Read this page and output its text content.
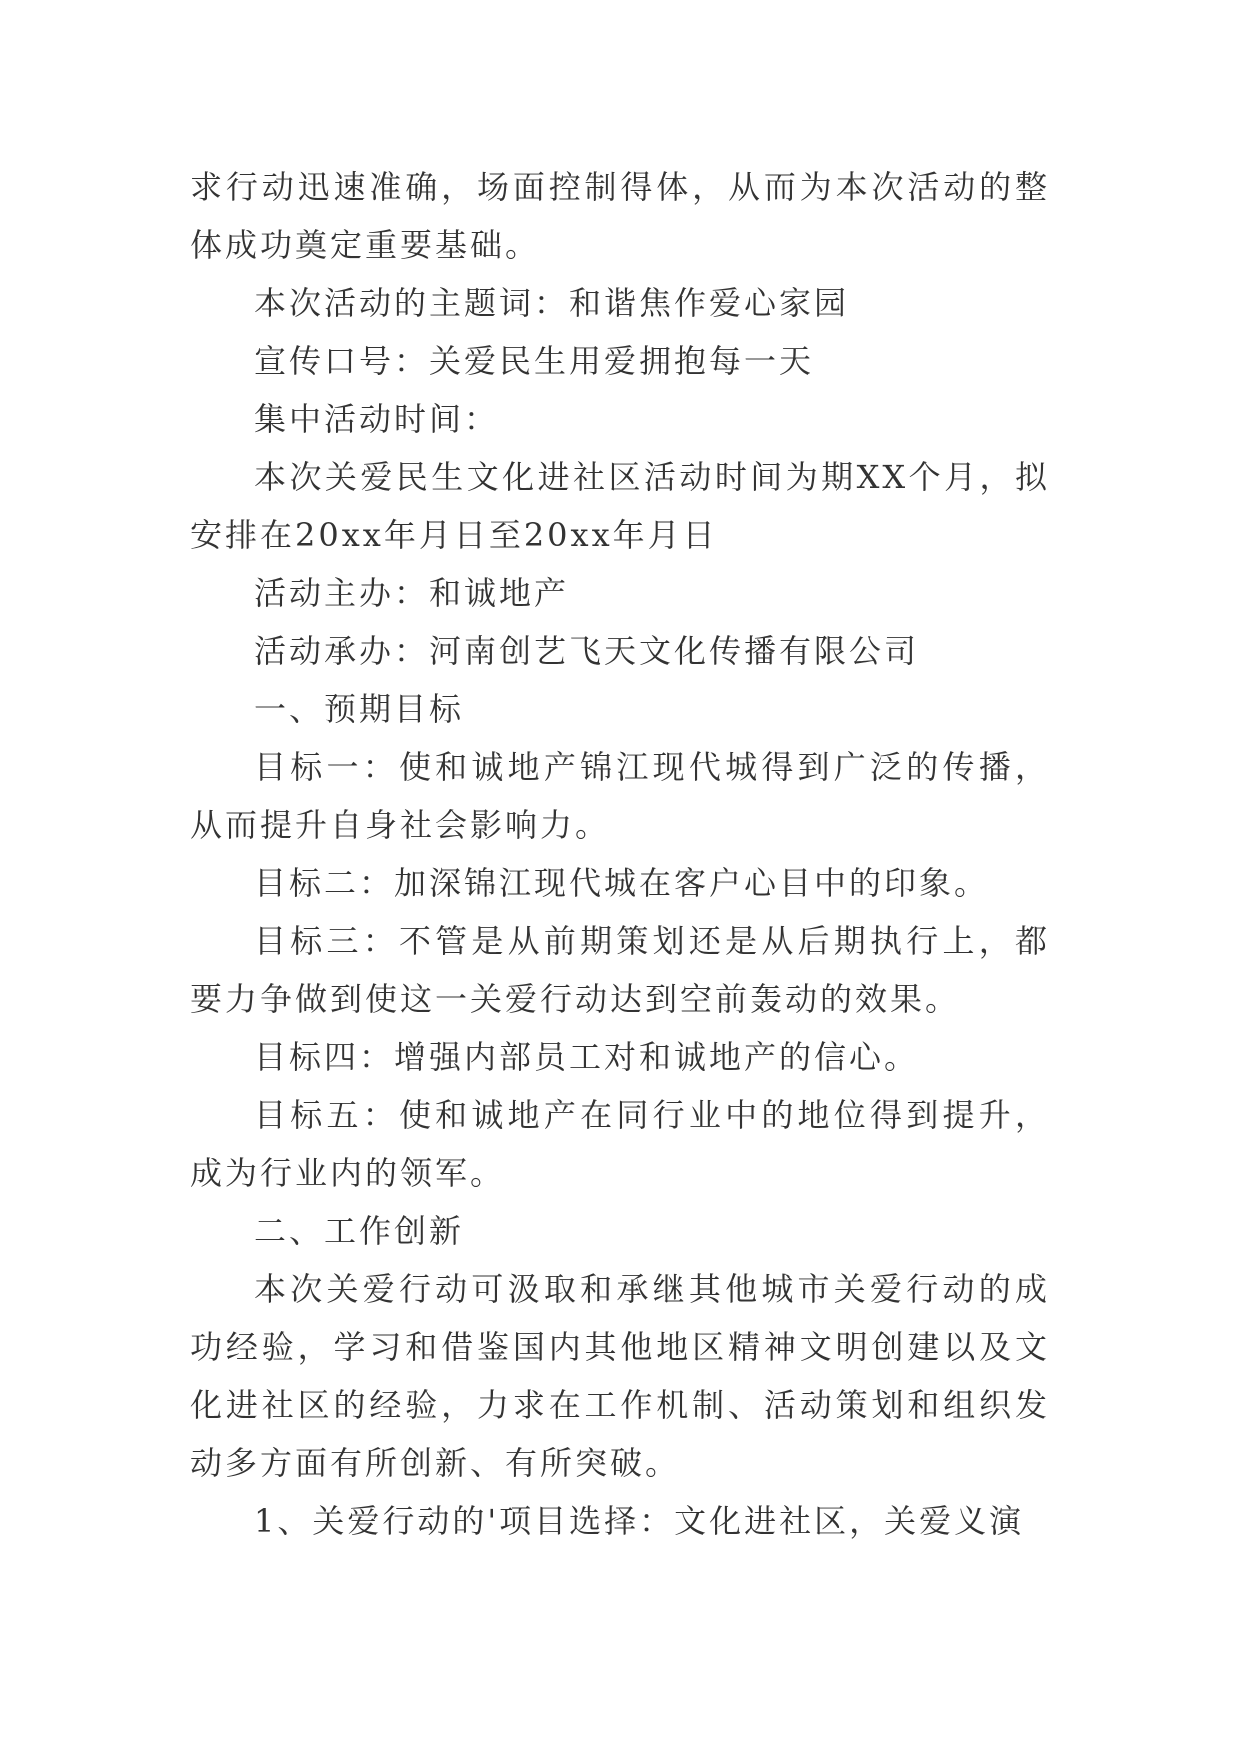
求行动迅速准确，场面控制得体，从而为本次活动的整体成功奠定重要基础。

本次活动的主题词：和谐焦作爱心家园

宣传口号：关爱民生用爱拥抱每一天

集中活动时间：

本次关爱民生文化进社区活动时间为期XX个月，拟安排在20xx年月日至20xx年月日

活动主办：和诚地产

活动承办：河南创艺飞天文化传播有限公司

一、预期目标

目标一：使和诚地产锦江现代城得到广泛的传播，从而提升自身社会影响力。

目标二：加深锦江现代城在客户心目中的印象。

目标三：不管是从前期策划还是从后期执行上，都要力争做到使这一关爱行动达到空前轰动的效果。

目标四：增强内部员工对和诚地产的信心。

目标五：使和诚地产在同行业中的地位得到提升，成为行业内的领军。

二、工作创新

本次关爱行动可汲取和承继其他城市关爱行动的成功经验，学习和借鉴国内其他地区精神文明创建以及文化进社区的经验，力求在工作机制、活动策划和组织发动多方面有所创新、有所突破。

1、关爱行动的'项目选择：文化进社区，关爱义演
